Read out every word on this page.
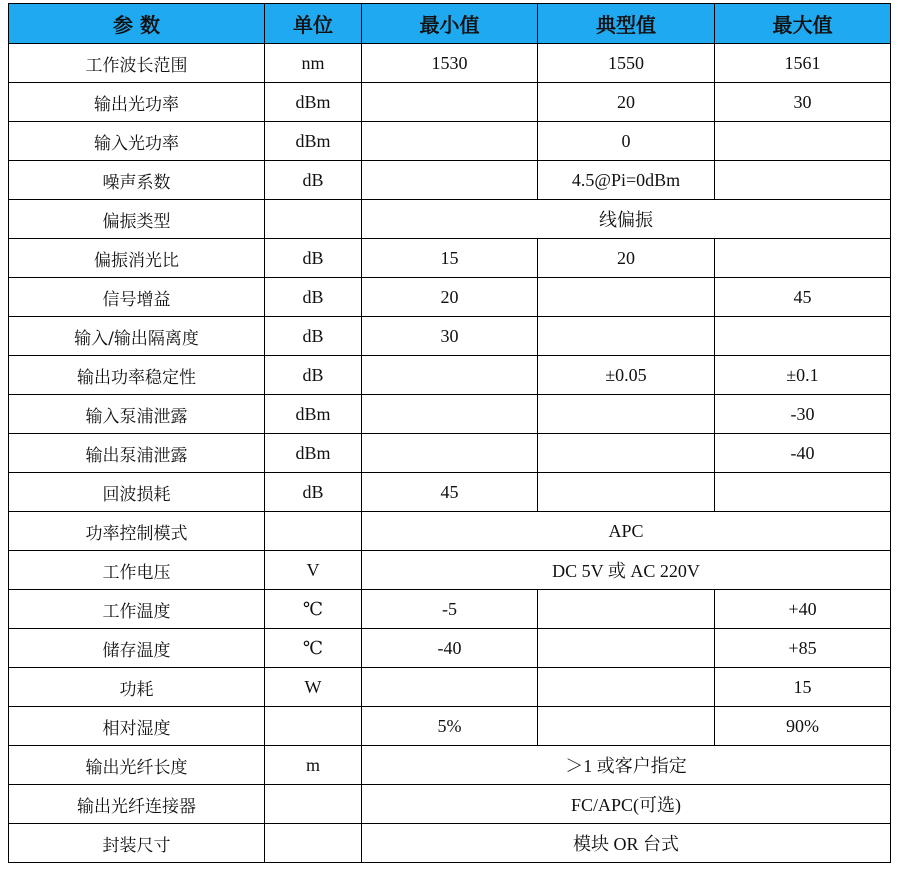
参 数	单位	最小值	典型值	最大值
工作波长范围	nm	1530	1550	1561
输出光功率	dBm		20	30
输入光功率	dBm		0	
噪声系数	dB		4.5@Pi=0dBm	
偏振类型		线偏振		
偏振消光比	dB	15	20	
信号增益	dB	20		45
输入/输出隔离度	dB	30		
输出功率稳定性	dB		±0.05	±0.1
输入泵浦泄露	dBm			-30
输出泵浦泄露	dBm			-40
回波损耗	dB	45		
功率控制模式		APC		
工作电压	V	DC 5V 或 AC 220V		
工作温度	℃	-5		+40
储存温度	℃	-40		+85
功耗	W			15
相对湿度		5%		90%
输出光纤长度	m	＞1 或客户指定		
输出光纤连接器		FC/APC(可选)		
封装尺寸		模块 OR 台式		
